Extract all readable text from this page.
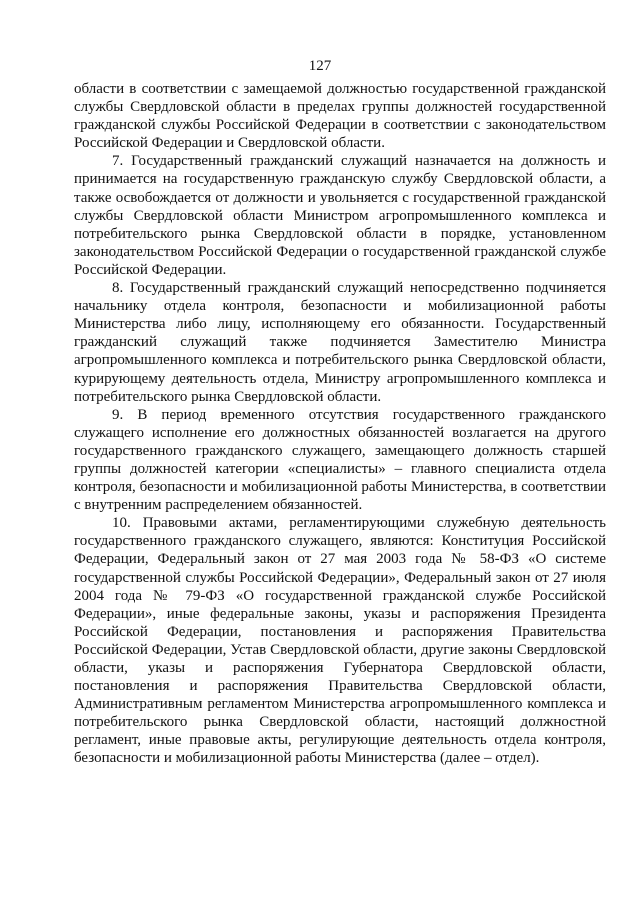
127

области в соответствии с замещаемой должностью государственной гражданской службы Свердловской области в пределах группы должностей государственной гражданской службы Российской Федерации в соответствии с законодательством Российской Федерации и Свердловской области.

7. Государственный гражданский служащий назначается на должность и принимается на государственную гражданскую службу Свердловской области, а также освобождается от должности и увольняется с государственной гражданской службы Свердловской области Министром агропромышленного комплекса и потребительского рынка Свердловской области в порядке, установленном законодательством Российской Федерации о государственной гражданской службе Российской Федерации.

8. Государственный гражданский служащий непосредственно подчиняется начальнику отдела контроля, безопасности и мобилизационной работы Министерства либо лицу, исполняющему его обязанности. Государственный гражданский служащий также подчиняется Заместителю Министра агропромышленного комплекса и потребительского рынка Свердловской области, курирующему деятельность отдела, Министру агропромышленного комплекса и потребительского рынка Свердловской области.

9. В период временного отсутствия государственного гражданского служащего исполнение его должностных обязанностей возлагается на другого государственного гражданского служащего, замещающего должность старшей группы должностей категории «специалисты» – главного специалиста отдела контроля, безопасности и мобилизационной работы Министерства, в соответствии с внутренним распределением обязанностей.

10. Правовыми актами, регламентирующими служебную деятельность государственного гражданского служащего, являются: Конституция Российской Федерации, Федеральный закон от 27 мая 2003 года № 58-ФЗ «О системе государственной службы Российской Федерации», Федеральный закон от 27 июля 2004 года № 79-ФЗ «О государственной гражданской службе Российской Федерации», иные федеральные законы, указы и распоряжения Президента Российской Федерации, постановления и распоряжения Правительства Российской Федерации, Устав Свердловской области, другие законы Свердловской области, указы и распоряжения Губернатора Свердловской области, постановления и распоряжения Правительства Свердловской области, Административным регламентом Министерства агропромышленного комплекса и потребительского рынка Свердловской области, настоящий должностной регламент, иные правовые акты, регулирующие деятельность отдела контроля, безопасности и мобилизационной работы Министерства (далее – отдел).
